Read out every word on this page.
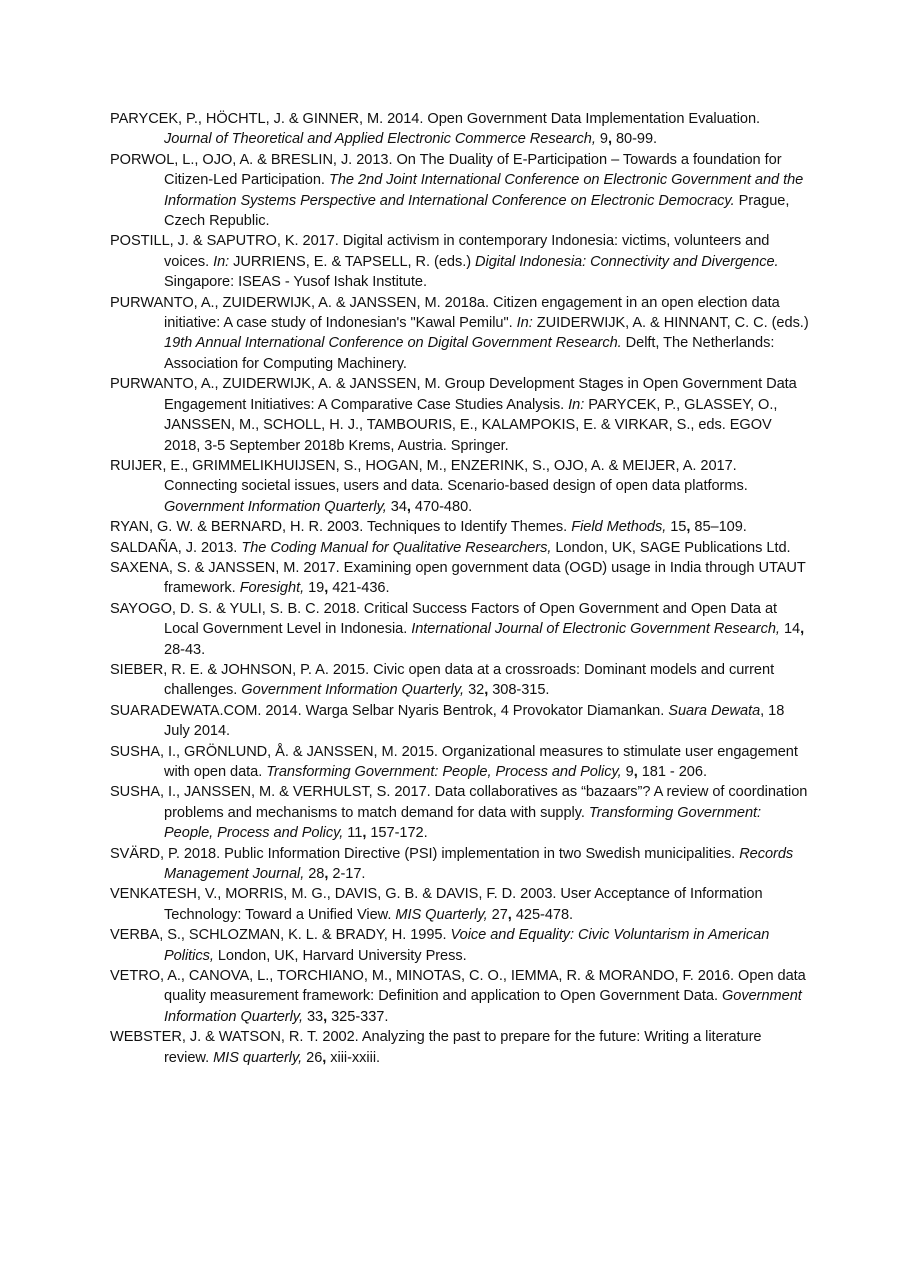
PARYCEK, P., HÖCHTL, J. & GINNER, M. 2014. Open Government Data Implementation Evaluation. Journal of Theoretical and Applied Electronic Commerce Research, 9, 80-99.

PORWOL, L., OJO, A. & BRESLIN, J. 2013. On The Duality of E-Participation – Towards a foundation for Citizen-Led Participation. The 2nd Joint International Conference on Electronic Government and the Information Systems Perspective and International Conference on Electronic Democracy. Prague, Czech Republic.

POSTILL, J. & SAPUTRO, K. 2017. Digital activism in contemporary Indonesia: victims, volunteers and voices. In: JURRIENS, E. & TAPSELL, R. (eds.) Digital Indonesia: Connectivity and Divergence. Singapore: ISEAS - Yusof Ishak Institute.

PURWANTO, A., ZUIDERWIJK, A. & JANSSEN, M. 2018a. Citizen engagement in an open election data initiative: A case study of Indonesian's "Kawal Pemilu". In: ZUIDERWIJK, A. & HINNANT, C. C. (eds.) 19th Annual International Conference on Digital Government Research. Delft, The Netherlands: Association for Computing Machinery.

PURWANTO, A., ZUIDERWIJK, A. & JANSSEN, M. Group Development Stages in Open Government Data Engagement Initiatives: A Comparative Case Studies Analysis. In: PARYCEK, P., GLASSEY, O., JANSSEN, M., SCHOLL, H. J., TAMBOURIS, E., KALAMPOKIS, E. & VIRKAR, S., eds. EGOV 2018, 3-5 September 2018b Krems, Austria. Springer.

RUIJER, E., GRIMMELIKHUIJSEN, S., HOGAN, M., ENZERINK, S., OJO, A. & MEIJER, A. 2017. Connecting societal issues, users and data. Scenario-based design of open data platforms. Government Information Quarterly, 34, 470-480.

RYAN, G. W. & BERNARD, H. R. 2003. Techniques to Identify Themes. Field Methods, 15, 85–109.

SALDAÑA, J. 2013. The Coding Manual for Qualitative Researchers, London, UK, SAGE Publications Ltd.

SAXENA, S. & JANSSEN, M. 2017. Examining open government data (OGD) usage in India through UTAUT framework. Foresight, 19, 421-436.

SAYOGO, D. S. & YULI, S. B. C. 2018. Critical Success Factors of Open Government and Open Data at Local Government Level in Indonesia. International Journal of Electronic Government Research, 14, 28-43.

SIEBER, R. E. & JOHNSON, P. A. 2015. Civic open data at a crossroads: Dominant models and current challenges. Government Information Quarterly, 32, 308-315.

SUARADEWATA.COM. 2014. Warga Selbar Nyaris Bentrok, 4 Provokator Diamankan. Suara Dewata, 18 July 2014.

SUSHA, I., GRÖNLUND, Å. & JANSSEN, M. 2015. Organizational measures to stimulate user engagement with open data. Transforming Government: People, Process and Policy, 9, 181 - 206.

SUSHA, I., JANSSEN, M. & VERHULST, S. 2017. Data collaboratives as “bazaars”? A review of coordination problems and mechanisms to match demand for data with supply. Transforming Government: People, Process and Policy, 11, 157-172.

SVÄRD, P. 2018. Public Information Directive (PSI) implementation in two Swedish municipalities. Records Management Journal, 28, 2-17.

VENKATESH, V., MORRIS, M. G., DAVIS, G. B. & DAVIS, F. D. 2003. User Acceptance of Information Technology: Toward a Unified View. MIS Quarterly, 27, 425-478.

VERBA, S., SCHLOZMAN, K. L. & BRADY, H. 1995. Voice and Equality: Civic Voluntarism in American Politics, London, UK, Harvard University Press.

VETRO, A., CANOVA, L., TORCHIANO, M., MINOTAS, C. O., IEMMA, R. & MORANDO, F. 2016. Open data quality measurement framework: Definition and application to Open Government Data. Government Information Quarterly, 33, 325-337.

WEBSTER, J. & WATSON, R. T. 2002. Analyzing the past to prepare for the future: Writing a literature review. MIS quarterly, 26, xiii-xxiii.
